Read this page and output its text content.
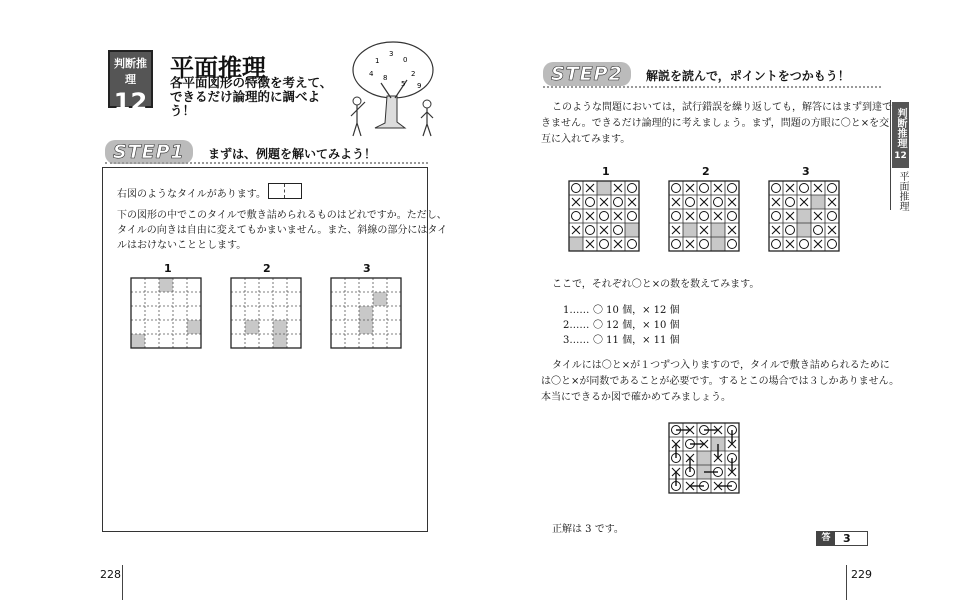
判断推理
12
平面推理
各平面図形の特徴を考えて、できるだけ論理的に調べよう！
1
3
0
4	2
8
5 9
STEP1	まずは、例題を解いてみよう！
右図のようなタイルがあります。
下の図形の中でこのタイルで敷き詰められるものはどれですか。ただし、
タイルの向きは自由に変えてもかまいません。また、斜線の部分にはタイ
ルはおけないこととします。
1	2	3
228
STEP2	解説を読んで，ポイントをつかもう！
このような問題においては，試行錯誤を繰り返しても，解答にはまず到達で
きません。できるだけ論理的に考えましょう。まず，問題の方眼に〇と×を交
互に入れてみます。
1	2	3
ここで，それぞれ〇と×の数を数えてみます。
1…… 〇 10 個，× 12 個
2…… 〇 12 個，× 10 個
3…… 〇 11 個，× 11 個
タイルには〇と×が１つずつ入りますので，タイルで敷き詰められるために
は〇と×が同数であることが必要です。するとこの場合では３しかありません。
本当にできるか図で確かめてみましょう。
正解は 3 です。
答	3
判断推理
12
平面推理
229
